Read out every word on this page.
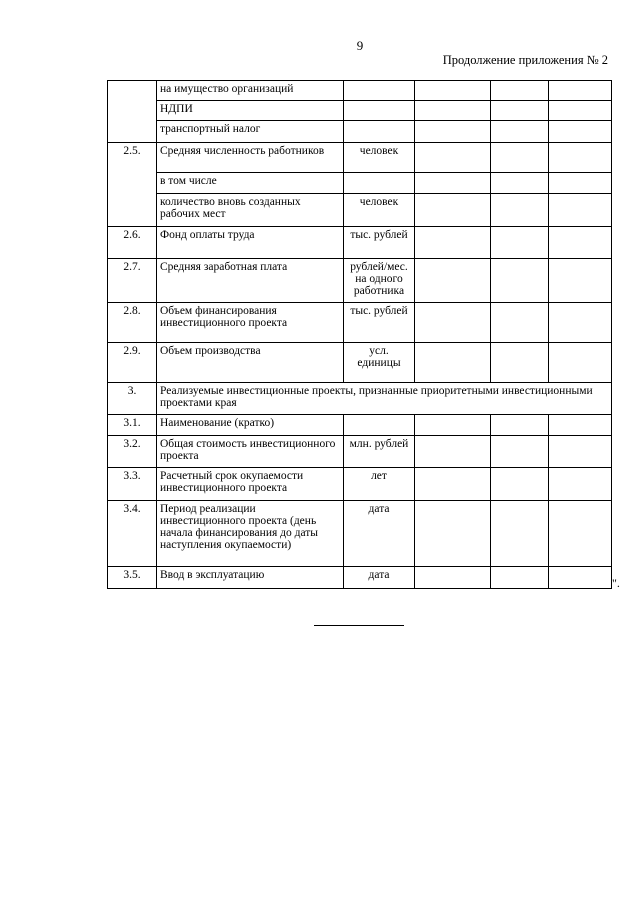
9
Продолжение приложения № 2
	на имущество организаций				
	НДПИ				
	транспортный налог				
2.5.	Средняя численность работников	человек			
	в том числе				
	количество вновь созданных рабочих мест	человек			
2.6.	Фонд оплаты труда	тыс. рублей			
2.7.	Средняя заработная плата	рублей/мес. на одного работника			
2.8.	Объем финансирования инвестиционного проекта	тыс. рублей			
2.9.	Объем производства	усл. единицы			
3.	Реализуемые инвестиционные проекты, признанные приоритетными инвестиционными проектами края				
3.1.	Наименование (кратко)				
3.2.	Общая стоимость инвестиционного проекта	млн. рублей			
3.3.	Расчетный срок окупаемости инвестиционного проекта	лет			
3.4.	Период реализации инвестиционного проекта (день начала финансирования до даты наступления окупаемости)	дата			
3.5.	Ввод в эксплуатацию	дата			
".
